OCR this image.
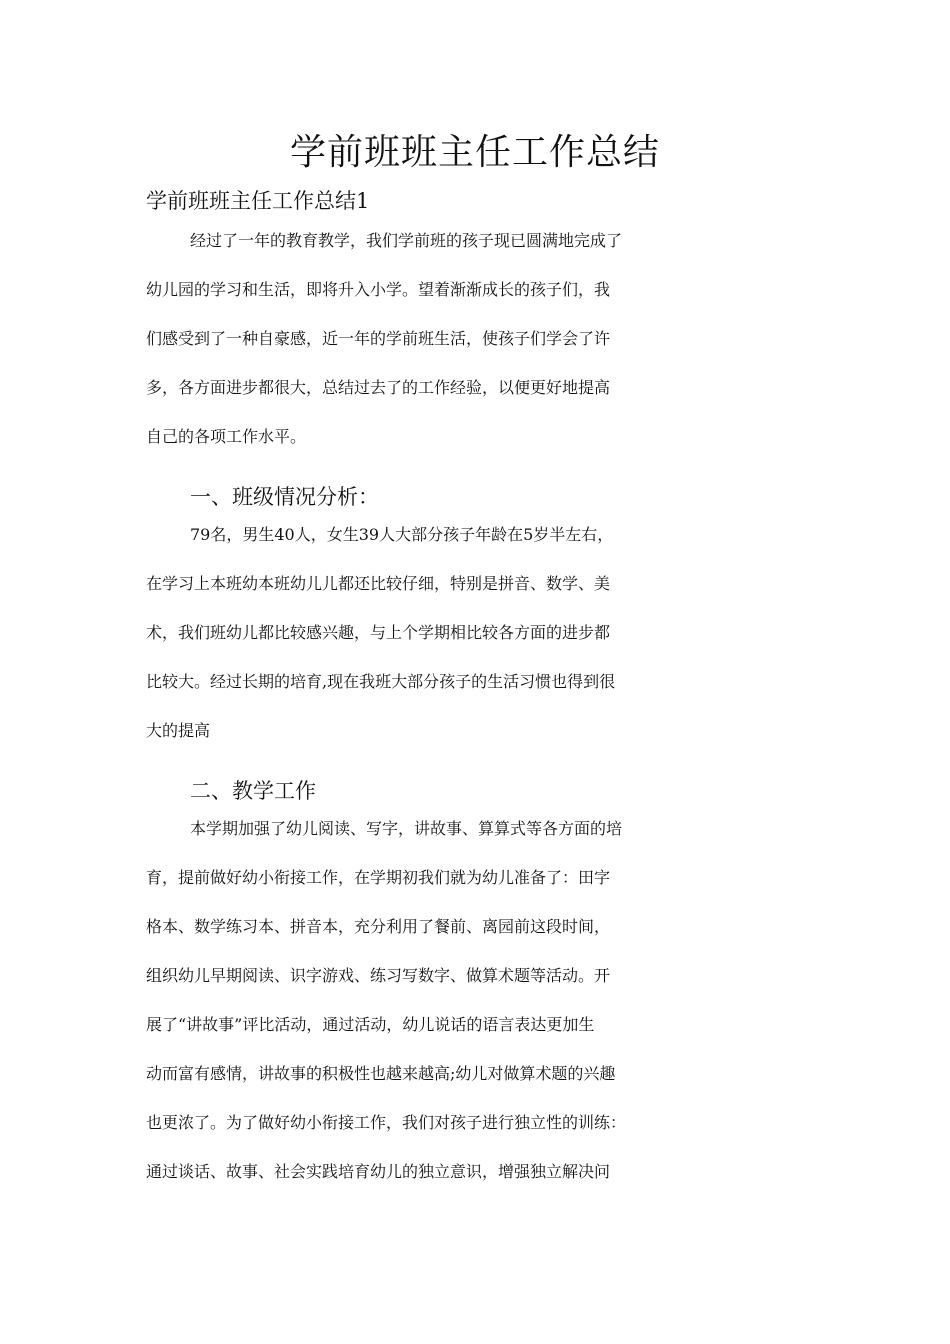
学前班班主任工作总结
学前班班主任工作总结1
经过了一年的教育教学，我们学前班的孩子现已圆满地完成了
幼儿园的学习和生活，即将升入小学。望着渐渐成长的孩子们，我
们感受到了一种自豪感，近一年的学前班生活，使孩子们学会了许
多，各方面进步都很大，总结过去了的工作经验，以便更好地提高
自己的各项工作水平。
一、班级情况分析：
79名，男生40人，女生39人大部分孩子年龄在5岁半左右，
在学习上本班幼本班幼儿儿都还比较仔细，特别是拼音、数学、美
术，我们班幼儿都比较感兴趣，与上个学期相比较各方面的进步都
比较大。经过长期的培育,现在我班大部分孩子的生活习惯也得到很
大的提高
二、教学工作
本学期加强了幼儿阅读、写字，讲故事、算算式等各方面的培
育，提前做好幼小衔接工作，在学期初我们就为幼儿准备了：田字
格本、数学练习本、拼音本，充分利用了餐前、离园前这段时间，
组织幼儿早期阅读、识字游戏、练习写数字、做算术题等活动。开
展了“讲故事”评比活动，通过活动，幼儿说话的语言表达更加生
动而富有感情，讲故事的积极性也越来越高;幼儿对做算术题的兴趣
也更浓了。为了做好幼小衔接工作，我们对孩子进行独立性的训练：
通过谈话、故事、社会实践培育幼儿的独立意识，增强独立解决问
